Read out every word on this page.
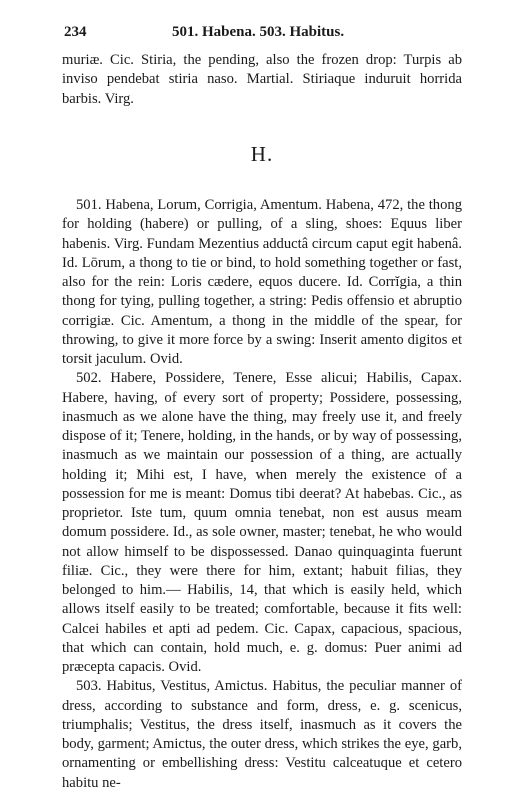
234	501. Habena. 503. Habitus.

muriæ. Cic. Stiria, the pending, also the frozen drop: Turpis ab inviso pendebat stiria naso. Martial. Stiriaque induruit horrida barbis. Virg.

H.

501. Habena, Lorum, Corrigia, Amentum. Habena, 472, the thong for holding (habere) or pulling, of a sling, shoes: Equus liber habenis. Virg. Fundam Mezentius adductâ circum caput egit habenâ. Id. Lōrum, a thong to tie or bind, to hold something together or fast, also for the rein: Loris cædere, equos ducere. Id. Corrĭgia, a thin thong for tying, pulling together, a string: Pedis offensio et abruptio corrigiæ. Cic. Amentum, a thong in the middle of the spear, for throwing, to give it more force by a swing: Inserit amento digitos et torsit jaculum. Ovid.

502. Habere, Possidere, Tenere, Esse alicui; Habilis, Capax. Habere, having, of every sort of property; Possidere, possessing, inasmuch as we alone have the thing, may freely use it, and freely dispose of it; Tenere, holding, in the hands, or by way of possessing, inasmuch as we maintain our possession of a thing, are actually holding it; Mihi est, I have, when merely the existence of a possession for me is meant: Domus tibi deerat? At habebas. Cic., as proprietor. Iste tum, quum omnia tenebat, non est ausus meam domum possidere. Id., as sole owner, master; tenebat, he who would not allow himself to be dispossessed. Danao quinquaginta fuerunt filiæ. Cic., they were there for him, extant; habuit filias, they belonged to him.— Habilis, 14, that which is easily held, which allows itself easily to be treated; comfortable, because it fits well: Calcei habiles et apti ad pedem. Cic. Capax, capacious, spacious, that which can contain, hold much, e. g. domus: Puer animi ad præcepta capacis. Ovid.

503. Habitus, Vestitus, Amictus. Habitus, the peculiar manner of dress, according to substance and form, dress, e. g. scenicus, triumphalis; Vestitus, the dress itself, inasmuch as it covers the body, garment; Amictus, the outer dress, which strikes the eye, garb, ornamenting or embellishing dress: Vestitu calceatuque et cetero habitu ne-
